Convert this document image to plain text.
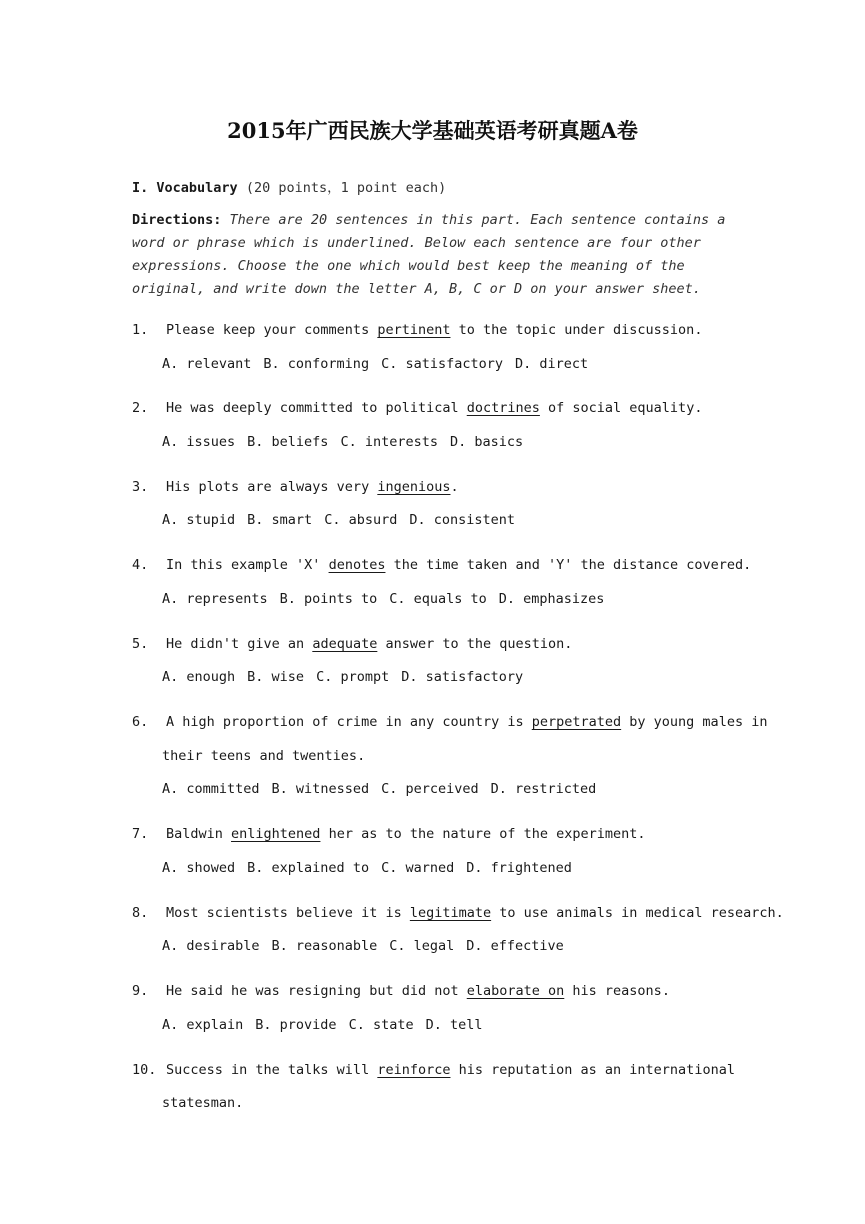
2015年广西民族大学基础英语考研真题A卷
I. Vocabulary (20 points，1 point each)
Directions: There are 20 sentences in this part. Each sentence contains a word or phrase which is underlined. Below each sentence are four other expressions. Choose the one which would best keep the meaning of the original, and write down the letter A, B, C or D on your answer sheet.
1. Please keep your comments pertinent to the topic under discussion.
A. relevant B. conforming C. satisfactory D. direct
2. He was deeply committed to political doctrines of social equality.
A. issues B. beliefs C. interests D. basics
3. His plots are always very ingenious.
A. stupid B. smart C. absurd D. consistent
4. In this example 'X' denotes the time taken and 'Y' the distance covered.
A. represents B. points to C. equals to D. emphasizes
5. He didn't give an adequate answer to the question.
A. enough B. wise C. prompt D. satisfactory
6. A high proportion of crime in any country is perpetrated by young males in
their teens and twenties.
A. committed B. witnessed C. perceived D. restricted
7. Baldwin enlightened her as to the nature of the experiment.
A. showed B. explained to C. warned D. frightened
8. Most scientists believe it is legitimate to use animals in medical research.
A. desirable B. reasonable C. legal D. effective
9. He said he was resigning but did not elaborate on his reasons.
A. explain B. provide C. state D. tell
10. Success in the talks will reinforce his reputation as an international
statesman.
